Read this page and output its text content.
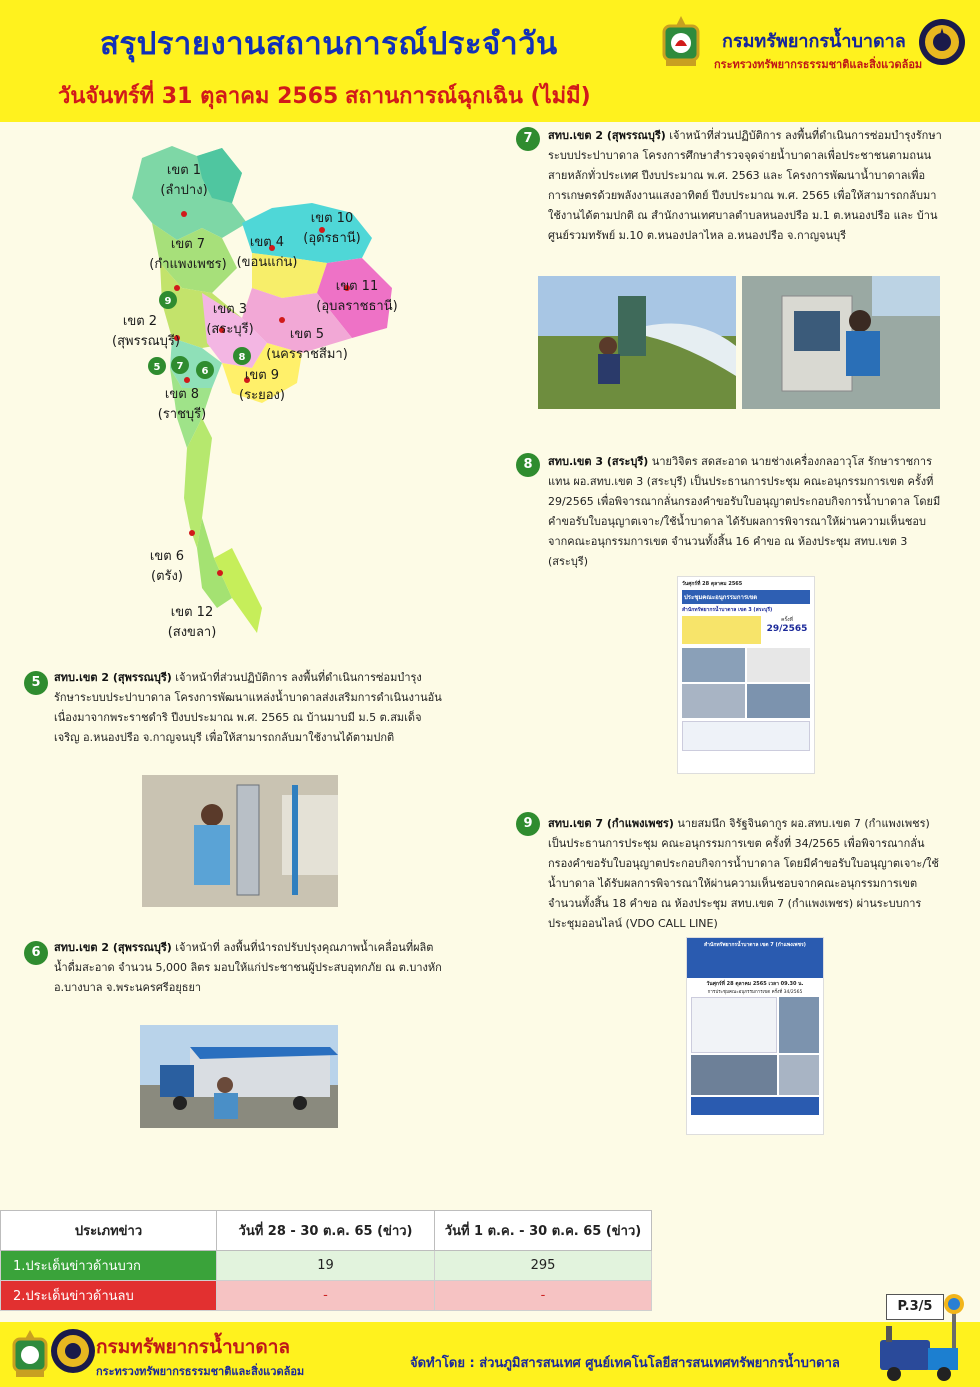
สรุปรายงานสถานการณ์ประจำวัน
วันจันทร์ที่ 31 ตุลาคม 2565 สถานการณ์ฉุกเฉิน (ไม่มี)
กรมทรัพยากรน้ำบาดาล
กระทรวงทรัพยากรธรรมชาติและสิ่งแวดล้อม
เขต 1
(ลำปาง)
เขต 7
(กำแพงเพชร)
เขต 4
(ขอนแก่น)
เขต 10
(อุดรธานี)
เขต 11
(อุบลราชธานี)
เขต 3
(สระบุรี)	เขต 5
(นครราชสีมา)
เขต 2
(สุพรรณบุรี)
เขต 9
(ระยอง)
เขต 8
(ราชบุรี)
เขต 6
(ตรัง)
เขต 12
(สงขลา)
9
8
5 7 6
7	สทบ.เขต 2 (สุพรรณบุรี) เจ้าหน้าที่ส่วนปฏิบัติการ ลงพื้นที่ดำเนินการซ่อมบำรุงรักษาระบบประปาบาดาล โครงการศึกษาสำรวจจุดจ่ายน้ำบาดาลเพื่อประชาชนตามถนนสายหลักทั่วประเทศ ปีงบประมาณ พ.ศ. 2563 และ โครงการพัฒนาน้ำบาดาลเพื่อการเกษตรด้วยพลังงานแสงอาทิตย์ ปีงบประมาณ พ.ศ. 2565 เพื่อให้สามารถกลับมาใช้งานได้ตามปกติ ณ สำนักงานเทศบาลตำบลหนองปรือ ม.1 ต.หนองปรือ และ บ้านศูนย์รวมทรัพย์ ม.10 ต.หนองปลาไหล อ.หนองปรือ จ.กาญจนบุรี
8	สทบ.เขต 3 (สระบุรี) นายวิจิตร สดสะอาด นายช่างเครื่องกลอาวุโส รักษาราชการแทน ผอ.สทบ.เขต 3 (สระบุรี) เป็นประธานการประชุม คณะอนุกรรมการเขต ครั้งที่ 29/2565 เพื่อพิจารณากลั่นกรองคำขอรับใบอนุญาตประกอบกิจการน้ำบาดาล โดยมีคำขอรับใบอนุญาตเจาะ/ใช้น้ำบาดาล ได้รับผลการพิจารณาให้ผ่านความเห็นชอบจากคณะอนุกรรมการเขต จำนวนทั้งสิ้น 16 คำขอ ณ ห้องประชุม สทบ.เขต 3 (สระบุรี)
วันศุกร์ที่ 28 ตุลาคม 2565
ประชุมคณะอนุกรรมการเขต
สำนักทรัพยากรน้ำบาดาล เขต 3 (สระบุรี)
ครั้งที่
29/2565
5	สทบ.เขต 2 (สุพรรณบุรี) เจ้าหน้าที่ส่วนปฏิบัติการ ลงพื้นที่ดำเนินการซ่อมบำรุงรักษาระบบประปาบาดาล โครงการพัฒนาแหล่งน้ำบาดาลส่งเสริมการดำเนินงานอันเนื่องมาจากพระราชดำริ ปีงบประมาณ พ.ศ. 2565 ณ บ้านมาบมี ม.5 ต.สมเด็จเจริญ อ.หนองปรือ จ.กาญจนบุรี เพื่อให้สามารถกลับมาใช้งานได้ตามปกติ
9	สทบ.เขต 7 (กำแพงเพชร) นายสมนึก จิรัฐจินดากูร ผอ.สทบ.เขต 7 (กำแพงเพชร) เป็นประธานการประชุม คณะอนุกรรมการเขต ครั้งที่ 34/2565 เพื่อพิจารณากลั่นกรองคำขอรับใบอนุญาตประกอบกิจการน้ำบาดาล โดยมีคำขอรับใบอนุญาตเจาะ/ใช้น้ำบาดาล ได้รับผลการพิจารณาให้ผ่านความเห็นชอบจากคณะอนุกรรมการเขต จำนวนทั้งสิ้น 18 คำขอ ณ ห้องประชุม สทบ.เขต 7 (กำแพงเพชร) ผ่านระบบการประชุมออนไลน์ (VDO CALL LINE)
สำนักทรัพยากรน้ำบาดาล เขต 7 (กำแพงเพชร)
วันศุกร์ที่ 28 ตุลาคม 2565 เวลา 09.30 น.
การประชุมคณะอนุกรรมการเขต ครั้งที่ 34/2565
6	สทบ.เขต 2 (สุพรรณบุรี) เจ้าหน้าที่ ลงพื้นที่นำรถปรับปรุงคุณภาพน้ำเคลื่อนที่ผลิตน้ำดื่มสะอาด จำนวน 5,000 ลิตร มอบให้แก่ประชาชนผู้ประสบอุทกภัย ณ ต.บางหัก อ.บางบาล จ.พระนครศรีอยุธยา
ประเภทข่าว	วันที่ 28 - 30 ต.ค. 65 (ข่าว)	วันที่ 1 ต.ค. - 30 ต.ค. 65 (ข่าว)
1.ประเด็นข่าวด้านบวก	19	295
2.ประเด็นข่าวด้านลบ	-	-
P.3/5
กรมทรัพยากรน้ำบาดาล
กระทรวงทรัพยากรธรรมชาติและสิ่งแวดล้อม
จัดทำโดย : ส่วนภูมิสารสนเทศ ศูนย์เทคโนโลยีสารสนเทศทรัพยากรน้ำบาดาล
